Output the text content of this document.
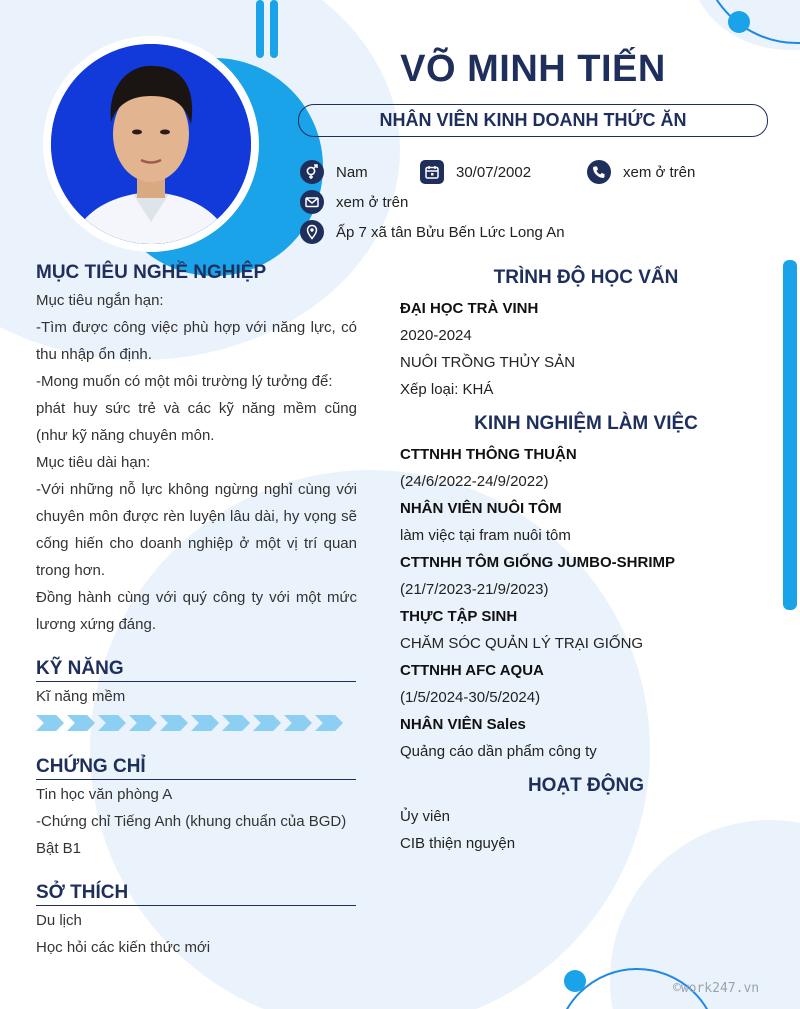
VÕ MINH TIẾN
NHÂN VIÊN KINH DOANH THỨC ĂN
Nam	30/07/2002	xem ở trên
xem ở trên
Ấp 7 xã tân Bửu Bến Lức Long An
MỤC TIÊU NGHỀ NGHIỆP

Mục tiêu ngắn hạn:

-Tìm được công việc phù hợp với năng lực, có thu nhập ổn định.

-Mong muốn có một môi trường lý tưởng để:

phát huy sức trẻ và các kỹ năng mềm cũng (như kỹ năng chuyên môn.

Mục tiêu dài hạn:

-Với những nỗ lực không ngừng nghỉ cùng với chuyên môn được rèn luyện lâu dài, hy vọng sẽ cống hiến cho doanh nghiệp ở một vị trí quan trong hơn.

Đồng hành cùng với quý công ty với một mức lương xứng đáng.

KỸ NĂNG
Kĩ năng mềm
CHỨNG CHỈ

Tin học văn phòng A

-Chứng chỉ Tiếng Anh (khung chuẩn của BGD) Bật B1

SỞ THÍCH

Du lịch

Học hỏi các kiến thức mới

TRÌNH ĐỘ HỌC VẤN

ĐẠI HỌC TRÀ VINH

2020-2024

NUÔI TRỒNG THỦY SẢN

Xếp loại: KHÁ

KINH NGHIỆM LÀM VIỆC

CTTNHH THÔNG THUẬN

(24/6/2022-24/9/2022)

NHÂN VIÊN NUÔI TÔM

làm việc tại fram nuôi tôm

CTTNHH TÔM GIỐNG JUMBO-SHRIMP

(21/7/2023-21/9/2023)

THỰC TẬP SINH

CHĂM SÓC QUẢN LÝ TRẠI GIỐNG

CTTNHH AFC AQUA

(1/5/2024-30/5/2024)

NHÂN VIÊN Sales

Quảng cáo dần phẩm công ty

HOẠT ĐỘNG

Ủy viên

CIB thiện nguyện

©work247.vn
